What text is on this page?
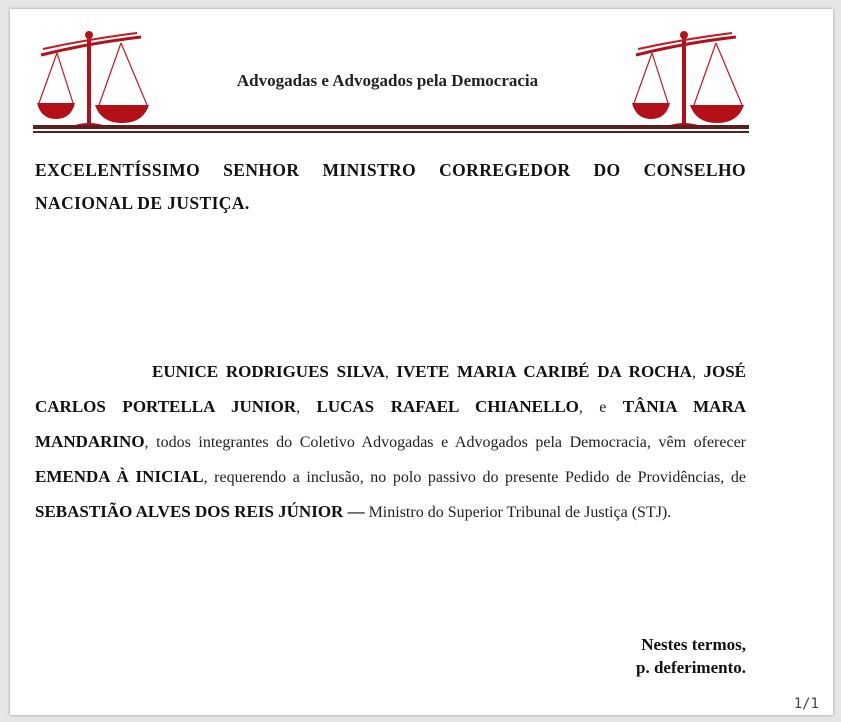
Advogadas e Advogados pela Democracia
EXCELENTÍSSIMO SENHOR MINISTRO CORREGEDOR DO CONSELHO NACIONAL DE JUSTIÇA.

EUNICE RODRIGUES SILVA, IVETE MARIA CARIBÉ DA ROCHA, JOSÉ CARLOS PORTELLA JUNIOR, LUCAS RAFAEL CHIANELLO, e TÂNIA MARA MANDARINO, todos integrantes do Coletivo Advogadas e Advogados pela Democracia, vêm oferecer EMENDA À INICIAL, requerendo a inclusão, no polo passivo do presente Pedido de Providências, de SEBASTIÃO ALVES DOS REIS JÚNIOR — Ministro do Superior Tribunal de Justiça (STJ).

Nestes termos,
p. deferimento.
1/1
